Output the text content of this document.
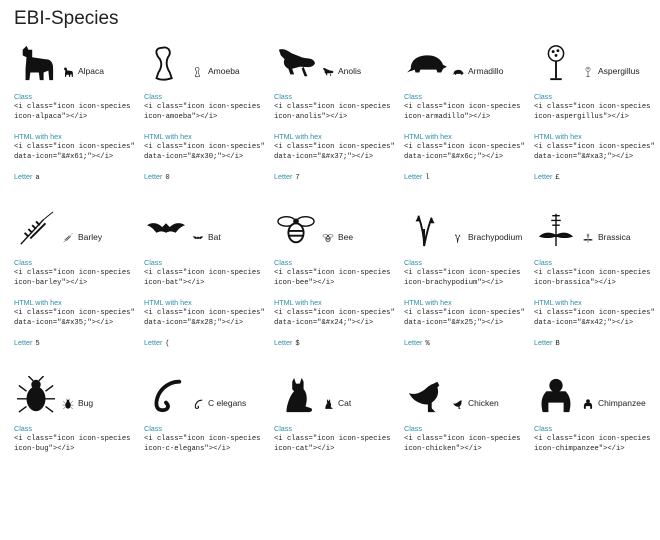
EBI-Species
Alpaca
Class
<i class="icon icon-species
icon-alpaca"></i>
HTML with hex
<i class="icon icon-species"
data-icon="&#x61;"></i>
Letter a
Amoeba
Class
<i class="icon icon-species
icon-amoeba"></i>
HTML with hex
<i class="icon icon-species"
data-icon="&#x30;"></i>
Letter 0
Anolis
Class
<i class="icon icon-species
icon-anolis"></i>
HTML with hex
<i class="icon icon-species"
data-icon="&#x37;"></i>
Letter 7
Armadillo
Class
<i class="icon icon-species
icon-armadillo"></i>
HTML with hex
<i class="icon icon-species"
data-icon="&#x6c;"></i>
Letter l
Aspergillus
Class
<i class="icon icon-species
icon-aspergillus"></i>
HTML with hex
<i class="icon icon-species"
data-icon="&#xa3;"></i>
Letter £
Barley
Class
<i class="icon icon-species
icon-barley"></i>
HTML with hex
<i class="icon icon-species"
data-icon="&#x35;"></i>
Letter 5
Bat
Class
<i class="icon icon-species
icon-bat"></i>
HTML with hex
<i class="icon icon-species"
data-icon="&#x28;"></i>
Letter (
Bee
Class
<i class="icon icon-species
icon-bee"></i>
HTML with hex
<i class="icon icon-species"
data-icon="&#x24;"></i>
Letter $
Brachypodium
Class
<i class="icon icon-species
icon-brachypodium"></i>
HTML with hex
<i class="icon icon-species"
data-icon="&#x25;"></i>
Letter %
Brassica
Class
<i class="icon icon-species
icon-brassica"></i>
HTML with hex
<i class="icon icon-species"
data-icon="&#x42;"></i>
Letter B
Bug
Class
<i class="icon icon-species
icon-bug"></i>
C elegans
Class
<i class="icon icon-species
icon-c-elegans"></i>
Cat
Class
<i class="icon icon-species
icon-cat"></i>
Chicken
Class
<i class="icon icon-species
icon-chicken"></i>
Chimpanzee
Class
<i class="icon icon-species
icon-chimpanzee"></i>
